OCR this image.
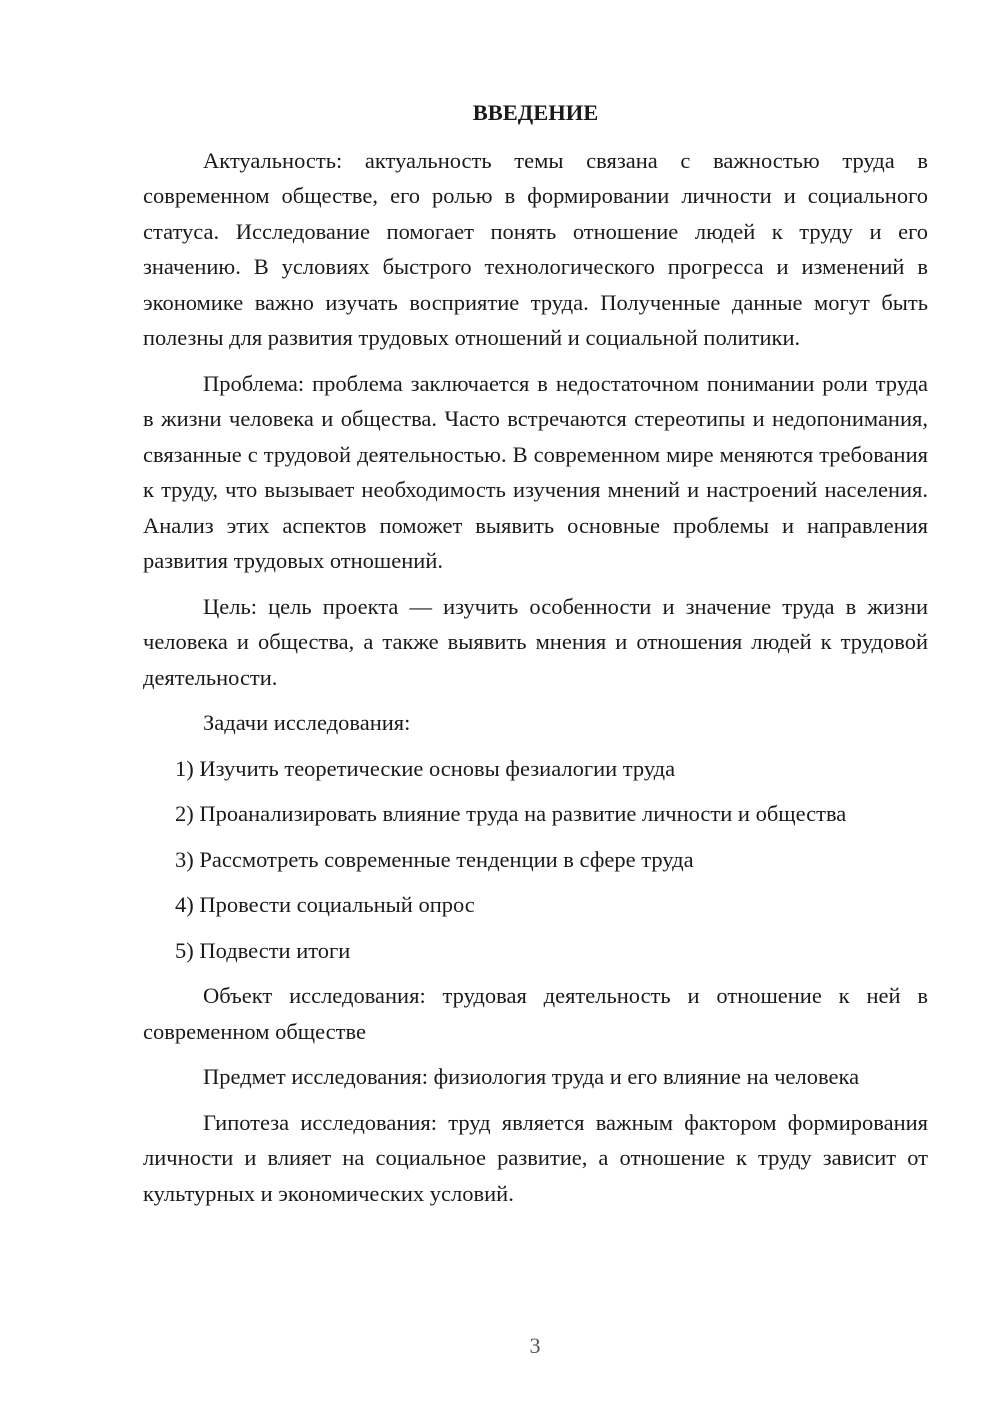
ВВЕДЕНИЕ

Актуальность: актуальность темы связана с важностью труда в современном обществе, его ролью в формировании личности и социального статуса. Исследование помогает понять отношение людей к труду и его значению. В условиях быстрого технологического прогресса и изменений в экономике важно изучать восприятие труда. Полученные данные могут быть полезны для развития трудовых отношений и социальной политики.

Проблема: проблема заключается в недостаточном понимании роли труда в жизни человека и общества. Часто встречаются стереотипы и недопонимания, связанные с трудовой деятельностью. В современном мире меняются требования к труду, что вызывает необходимость изучения мнений и настроений населения. Анализ этих аспектов поможет выявить основные проблемы и направления развития трудовых отношений.

Цель: цель проекта — изучить особенности и значение труда в жизни человека и общества, а также выявить мнения и отношения людей к трудовой деятельности.

Задачи исследования:
1) Изучить теоретические основы фезиалогии труда
2) Проанализировать влияние труда на развитие личности и общества
3) Рассмотреть современные тенденции в сфере труда
4) Провести социальный опрос
5) Подвести итоги

Объект исследования: трудовая деятельность и отношение к ней в современном обществе

Предмет исследования: физиология труда и его влияние на человека

Гипотеза исследования: труд является важным фактором формирования личности и влияет на социальное развитие, а отношение к труду зависит от культурных и экономических условий.

3
